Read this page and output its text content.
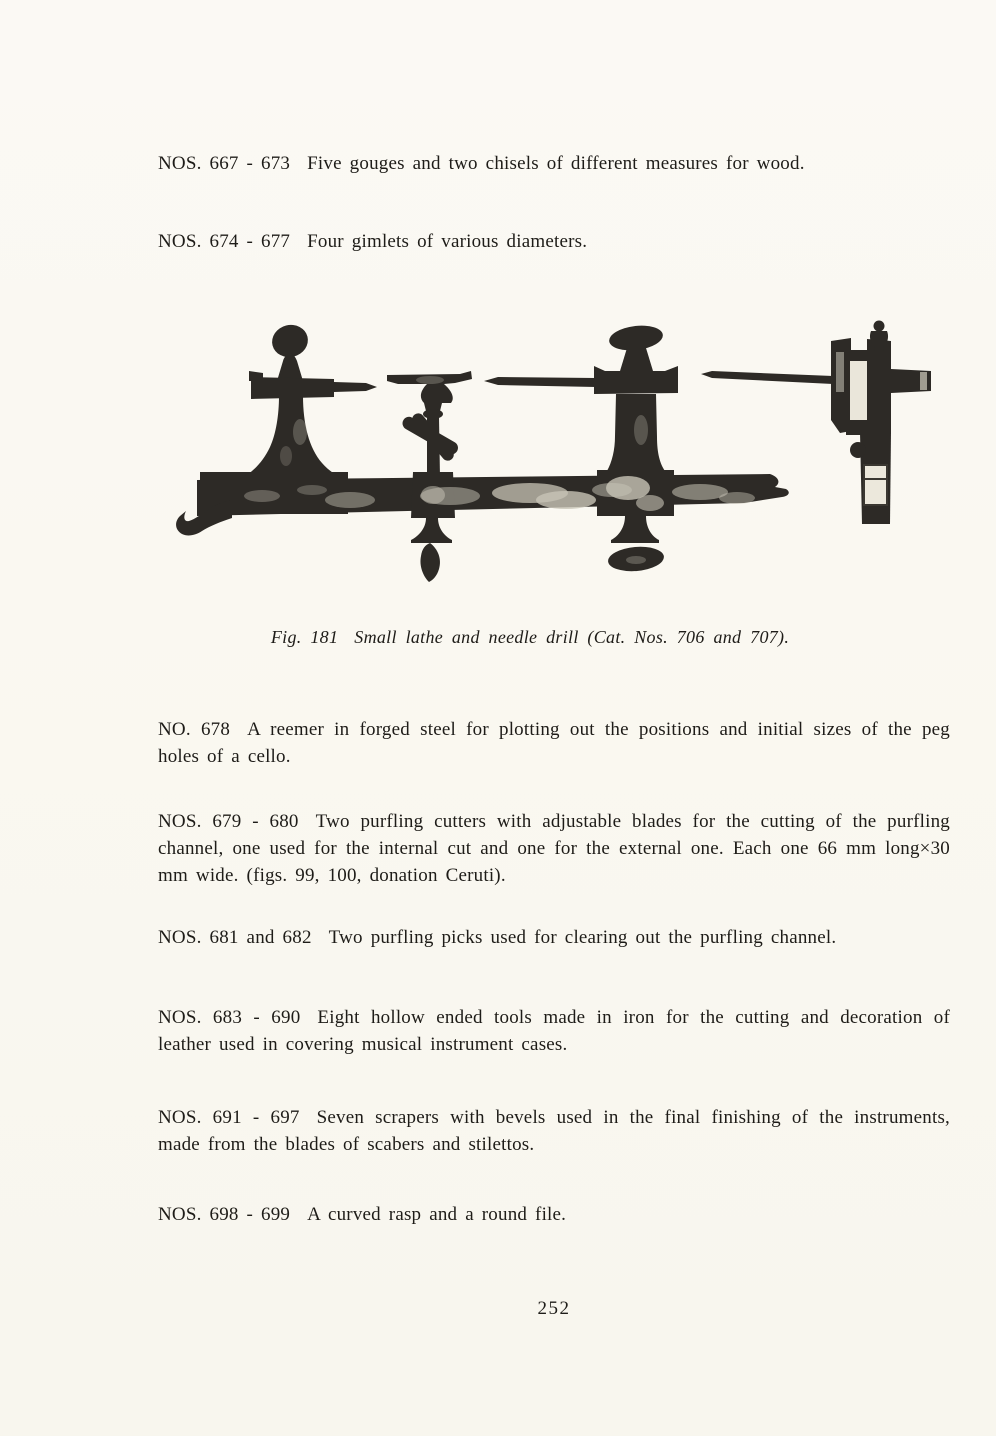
NOS. 667 - 673 Five gouges and two chisels of different measures for wood.

NOS. 674 - 677 Four gimlets of various diameters.

Fig. 181 Small lathe and needle drill (Cat. Nos. 706 and 707).

NO. 678 A reemer in forged steel for plotting out the positions and initial sizes of the peg holes of a cello.

NOS. 679 - 680 Two purfling cutters with adjustable blades for the cutting of the purfling channel, one used for the internal cut and one for the external one. Each one 66 mm long×30 mm wide. (figs. 99, 100, donation Ceruti).

NOS. 681 and 682 Two purfling picks used for clearing out the purfling channel.

NOS. 683 - 690 Eight hollow ended tools made in iron for the cutting and decoration of leather used in covering musical instrument cases.

NOS. 691 - 697 Seven scrapers with bevels used in the final finishing of the instruments, made from the blades of scabers and stilettos.

NOS. 698 - 699 A curved rasp and a round file.

252
